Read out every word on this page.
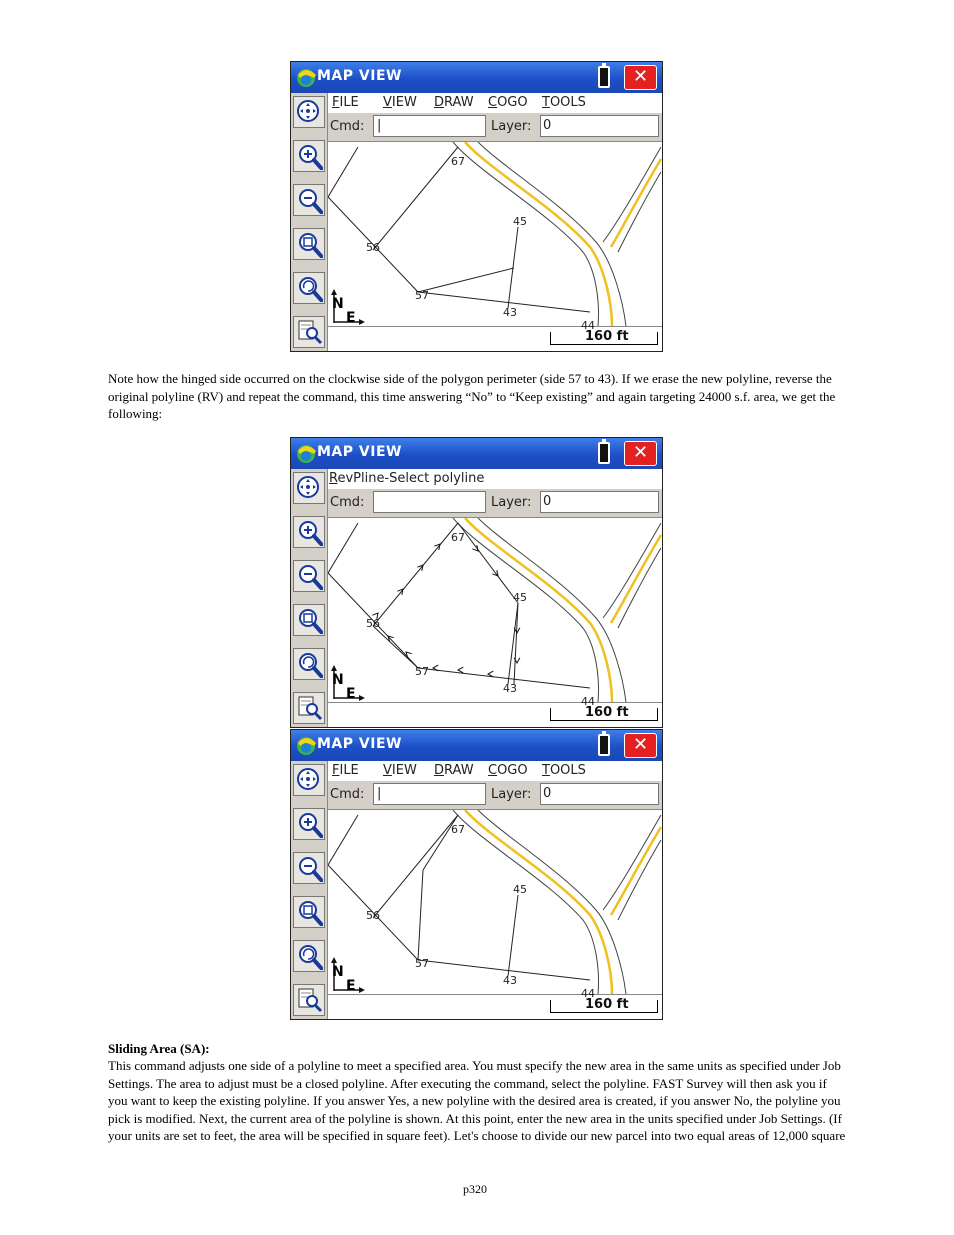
MAP VIEW	✕
FILE VIEW DRAW COGO TOOLS
Cmd: |	Layer: 0
160 ft
N
E
67
45
56
57
43
44

Note how the hinged side occurred on the clockwise side of the polygon perimeter (side 57 to 43). If we erase the new polyline, reverse the original polyline (RV) and repeat the command, this time answering “No” to “Keep existing” and again targeting 24000 s.f. area, we get the following:

MAP VIEW	✕
RevPline-Select polyline
Cmd:	Layer: 0
160 ft
N
E
67
45
56
57
43
44
MAP VIEW	✕
FILE VIEW DRAW COGO TOOLS
Cmd: |	Layer: 0
160 ft
N
E
67
45
56
57
43
44
Sliding Area (SA):

This command adjusts one side of a polyline to meet a specified area. You must specify the new area in the same units as specified under Job Settings. The area to adjust must be a closed polyline. After executing the command, select the polyline. FAST Survey will then ask you if you want to keep the existing polyline. If you answer Yes, a new polyline with the desired area is created, if you answer No, the polyline you pick is modified. Next, the current area of the polyline is shown. At this point, enter the new area in the units specified under Job Settings. (If your units are set to feet, the area will be specified in square feet). Let's choose to divide our new parcel into two equal areas of 12,000 square

p320
